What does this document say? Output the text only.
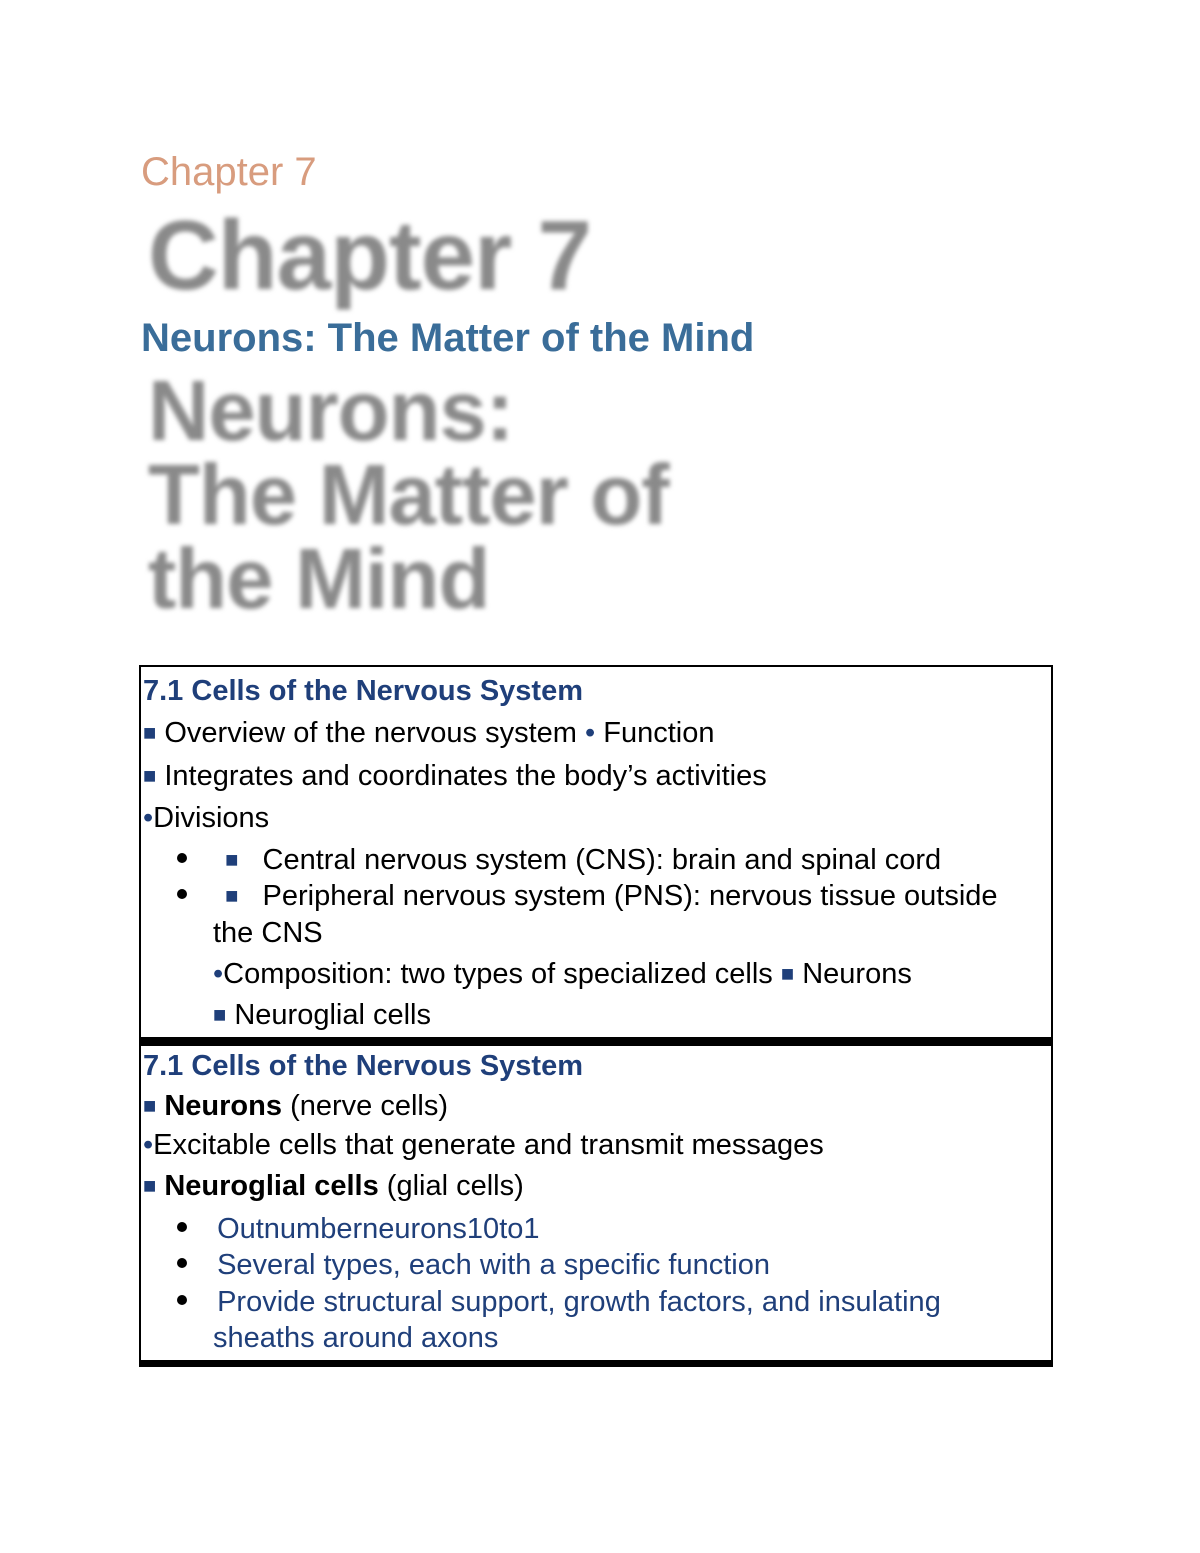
Chapter 7
Chapter 7
Neurons: The Matter of the Mind
Neurons:
The Matter of
the Mind
7.1 Cells of the Nervous System
■ Overview of the nervous system • Function
■ Integrates and coordinates the body’s activities
•Divisions
■ Central nervous system (CNS): brain and spinal cord
■ Peripheral nervous system (PNS): nervous tissue outside
the CNS
•Composition: two types of specialized cells ■ Neurons
■ Neuroglial cells
7.1 Cells of the Nervous System
■ Neurons (nerve cells)
•Excitable cells that generate and transmit messages
■ Neuroglial cells (glial cells)
Outnumberneurons10to1
Several types, each with a specific function
Provide structural support, growth factors, and insulating
sheaths around axons
